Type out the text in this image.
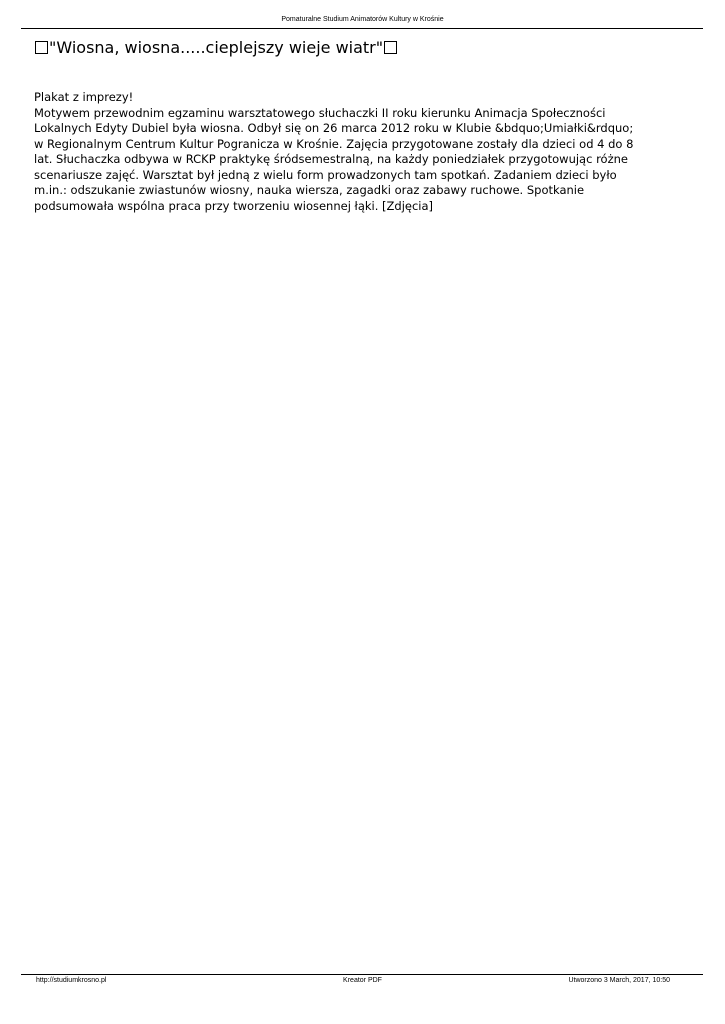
Pomaturalne Studium Animatorów Kultury w Krośnie
"Wiosna, wiosna.....cieplejszy wieje wiatr"

Plakat z imprezy!

Motywem przewodnim egzaminu warsztatowego słuchaczki II roku kierunku Animacja Społeczności

Lokalnych Edyty Dubiel była wiosna. Odbył się on 26 marca 2012 roku w Klubie &bdquo;Umiałki&rdquo;

w Regionalnym Centrum Kultur Pogranicza w Krośnie. Zajęcia przygotowane zostały dla dzieci od 4 do 8

lat. Słuchaczka odbywa w RCKP praktykę śródsemestralną, na każdy poniedziałek przygotowując różne

scenariusze zajęć. Warsztat był jedną z wielu form prowadzonych tam spotkań. Zadaniem dzieci było

m.in.: odszukanie zwiastunów wiosny, nauka wiersza, zagadki oraz zabawy ruchowe. Spotkanie

podsumowała wspólna praca przy tworzeniu wiosennej łąki. [Zdjęcia]

http://studiumkrosno.pl	Kreator PDF	Utworzono 3 March, 2017, 10:50
